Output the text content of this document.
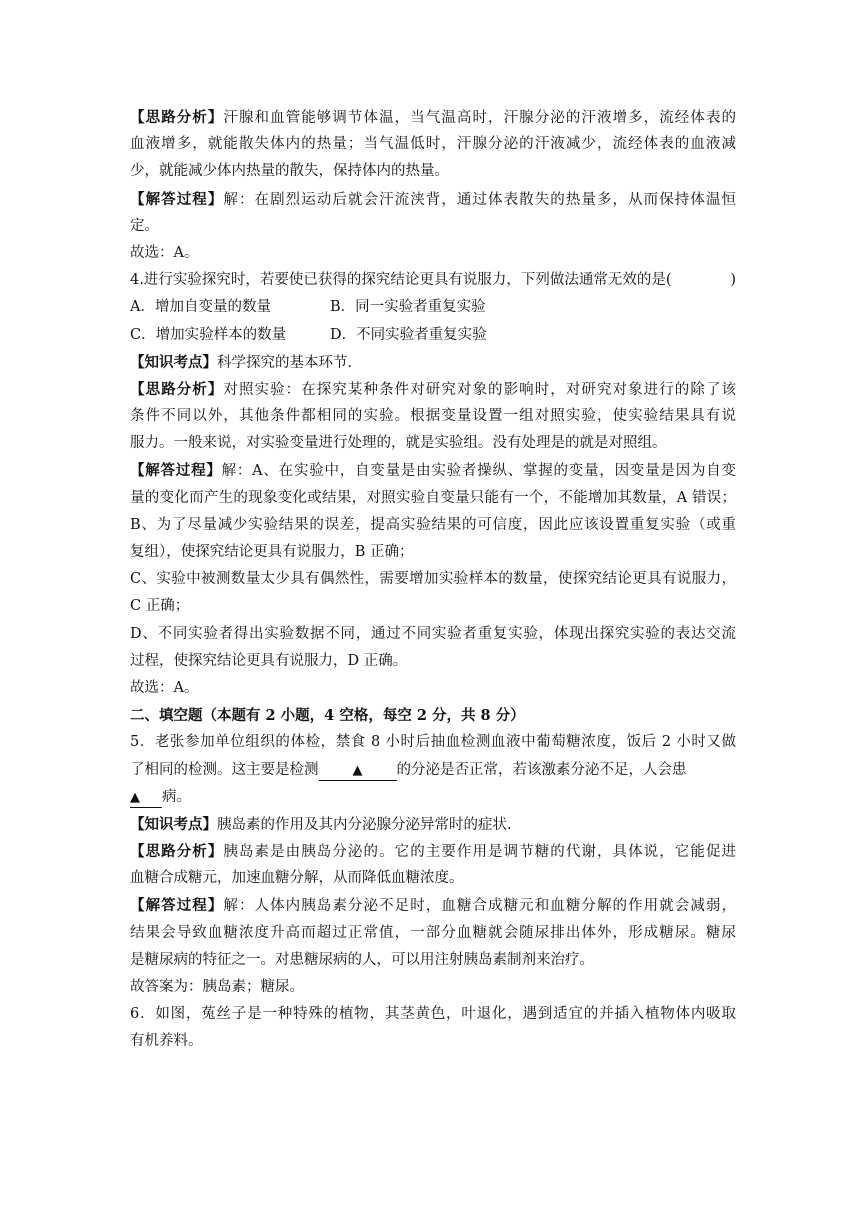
【思路分析】汗腺和血管能够调节体温，当气温高时，汗腺分泌的汗液增多，流经体表的
血液增多，就能散失体内的热量；当气温低时，汗腺分泌的汗液减少，流经体表的血液减
少，就能减少体内热量的散失，保持体内的热量。
【解答过程】解：在剧烈运动后就会汗流浃背，通过体表散失的热量多，从而保持体温恒
定。
故选：A。
4.进行实验探究时，若要使已获得的探究结论更具有说服力，下列做法通常无效的是(	)
A．增加自变量的数量	B．同一实验者重复实验
C．增加实验样本的数量	D．不同实验者重复实验
【知识考点】科学探究的基本环节.
【思路分析】对照实验：在探究某种条件对研究对象的影响时，对研究对象进行的除了该
条件不同以外，其他条件都相同的实验。根据变量设置一组对照实验，使实验结果具有说
服力。一般来说，对实验变量进行处理的，就是实验组。没有处理是的就是对照组。
【解答过程】解：A、在实验中，自变量是由实验者操纵、掌握的变量，因变量是因为自变
量的变化而产生的现象变化或结果，对照实验自变量只能有一个，不能增加其数量，A 错误；
B、为了尽量减少实验结果的误差，提高实验结果的可信度，因此应该设置重复实验（或重
复组），使探究结论更具有说服力，B 正确；
C、实验中被测数量太少具有偶然性，需要增加实验样本的数量，使探究结论更具有说服力，
C 正确；
D、不同实验者得出实验数据不同，通过不同实验者重复实验，体现出探究实验的表达交流
过程，使探究结论更具有说服力，D 正确。
故选：A。
二、填空题（本题有 2 小题，4 空格，每空 2 分，共 8 分）
5．老张参加单位组织的体检，禁食 8 小时后抽血检测血液中葡萄糖浓度，饭后 2 小时又做
了相同的检测。这主要是检测	▲ 的分泌是否正常，若该激素分泌不足，人会患
▲ 病。
【知识考点】胰岛素的作用及其内分泌腺分泌异常时的症状.
【思路分析】胰岛素是由胰岛分泌的。它的主要作用是调节糖的代谢，具体说，它能促进
血糖合成糖元，加速血糖分解，从而降低血糖浓度。
【解答过程】解：人体内胰岛素分泌不足时，血糖合成糖元和血糖分解的作用就会减弱，
结果会导致血糖浓度升高而超过正常值，一部分血糖就会随尿排出体外，形成糖尿。糖尿
是糖尿病的特征之一。对患糖尿病的人，可以用注射胰岛素制剂来治疗。
故答案为：胰岛素；糖尿。
6．如图，菟丝子是一种特殊的植物，其茎黄色，叶退化，遇到适宜的并插入植物体内吸取
有机养料。
